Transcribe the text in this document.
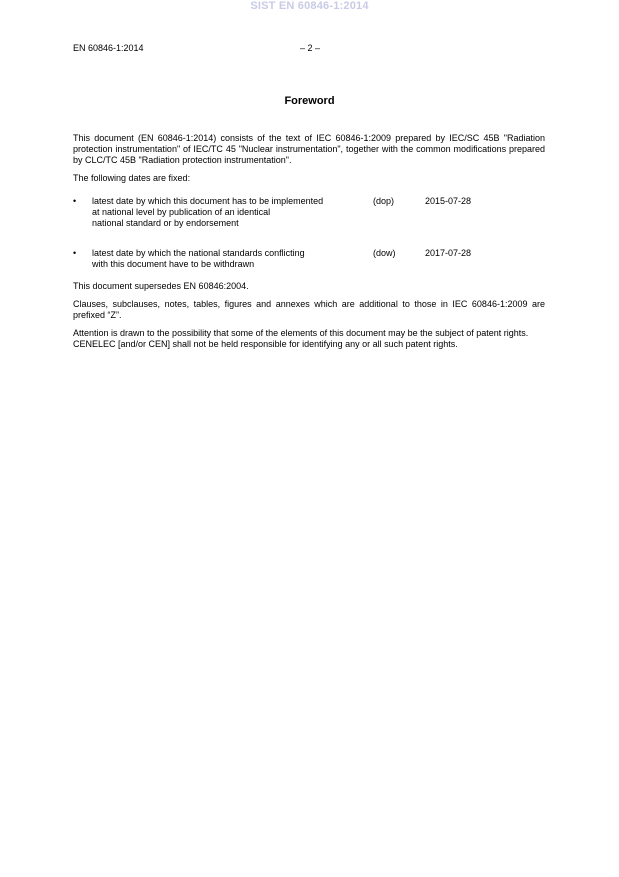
SIST EN 60846-1:2014
EN 60846-1:2014	– 2 –
Foreword

This document (EN 60846-1:2014) consists of the text of IEC 60846-1:2009 prepared by IEC/SC 45B "Radiation protection instrumentation" of IEC/TC 45 "Nuclear instrumentation", together with the common modifications prepared by CLC/TC 45B "Radiation protection instrumentation".

The following dates are fixed:

• latest date by which this document has to be implemented
at national level by publication of an identical
national standard or by endorsement
(dop)	2015-07-28
• latest date by which the national standards conflicting
with this document have to be withdrawn
(dow)	2017-07-28

This document supersedes EN 60846:2004.

Clauses, subclauses, notes, tables, figures and annexes which are additional to those in IEC 60846-1:2009 are prefixed “Z”.

Attention is drawn to the possibility that some of the elements of this document may be the subject of patent rights. CENELEC [and/or CEN] shall not be held responsible for identifying any or all such patent rights.
